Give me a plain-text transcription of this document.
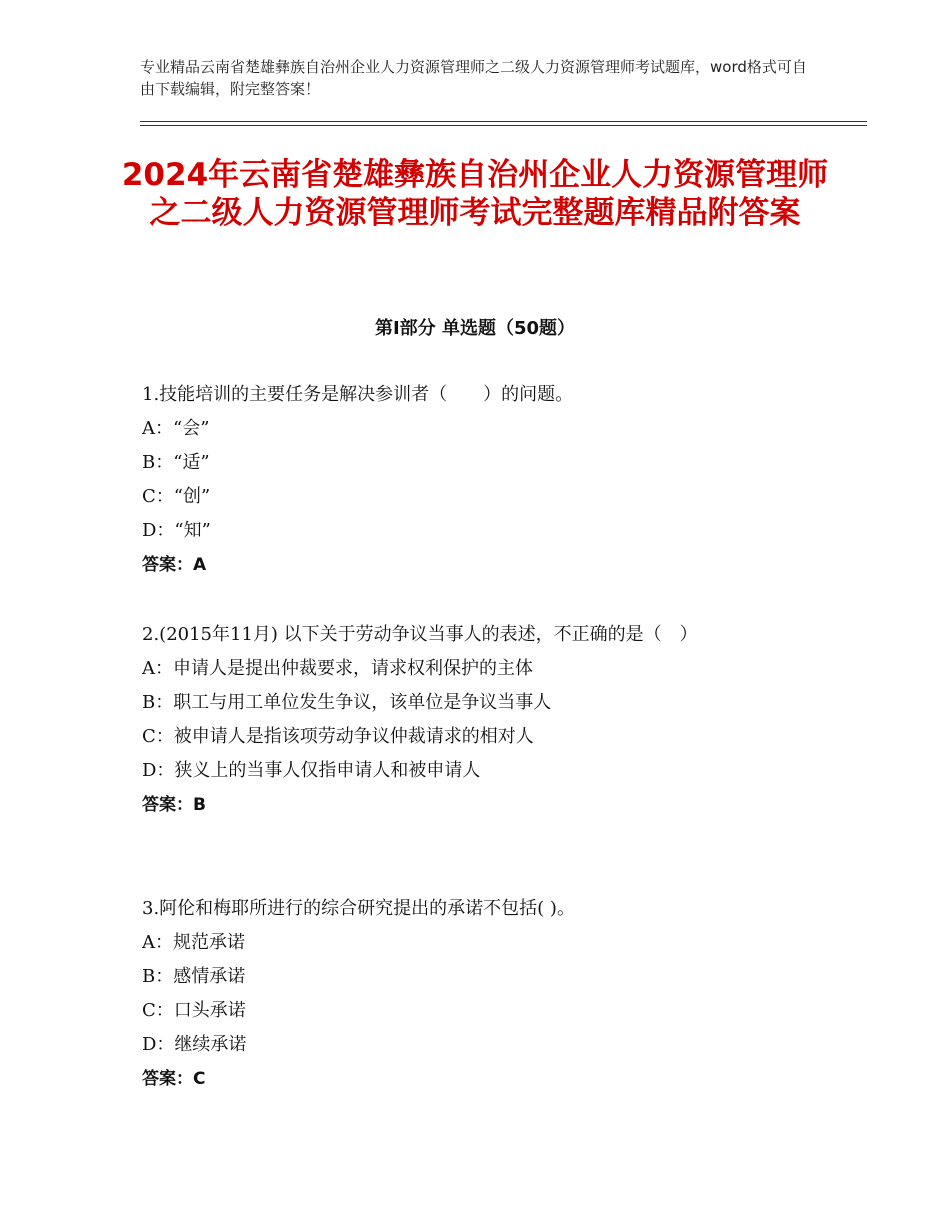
专业精品云南省楚雄彝族自治州企业人力资源管理师之二级人力资源管理师考试题库，word格式可自由下载编辑，附完整答案！
2024年云南省楚雄彝族自治州企业人力资源管理师之二级人力资源管理师考试完整题库精品附答案
第Ⅰ部分 单选题（50题）
1.技能培训的主要任务是解决参训者（　　）的问题。
A：“会”
B：“适”
C：“创”
D：“知”
答案：A
2.(2015年11月) 以下关于劳动争议当事人的表述，不正确的是（　）
A：申请人是提出仲裁要求，请求权利保护的主体
B：职工与用工单位发生争议，该单位是争议当事人
C：被申请人是指该项劳动争议仲裁请求的相对人
D：狭义上的当事人仅指申请人和被申请人
答案：B
3.阿伦和梅耶所进行的综合研究提出的承诺不包括( )。
A：规范承诺
B：感情承诺
C：口头承诺
D：继续承诺
答案：C
